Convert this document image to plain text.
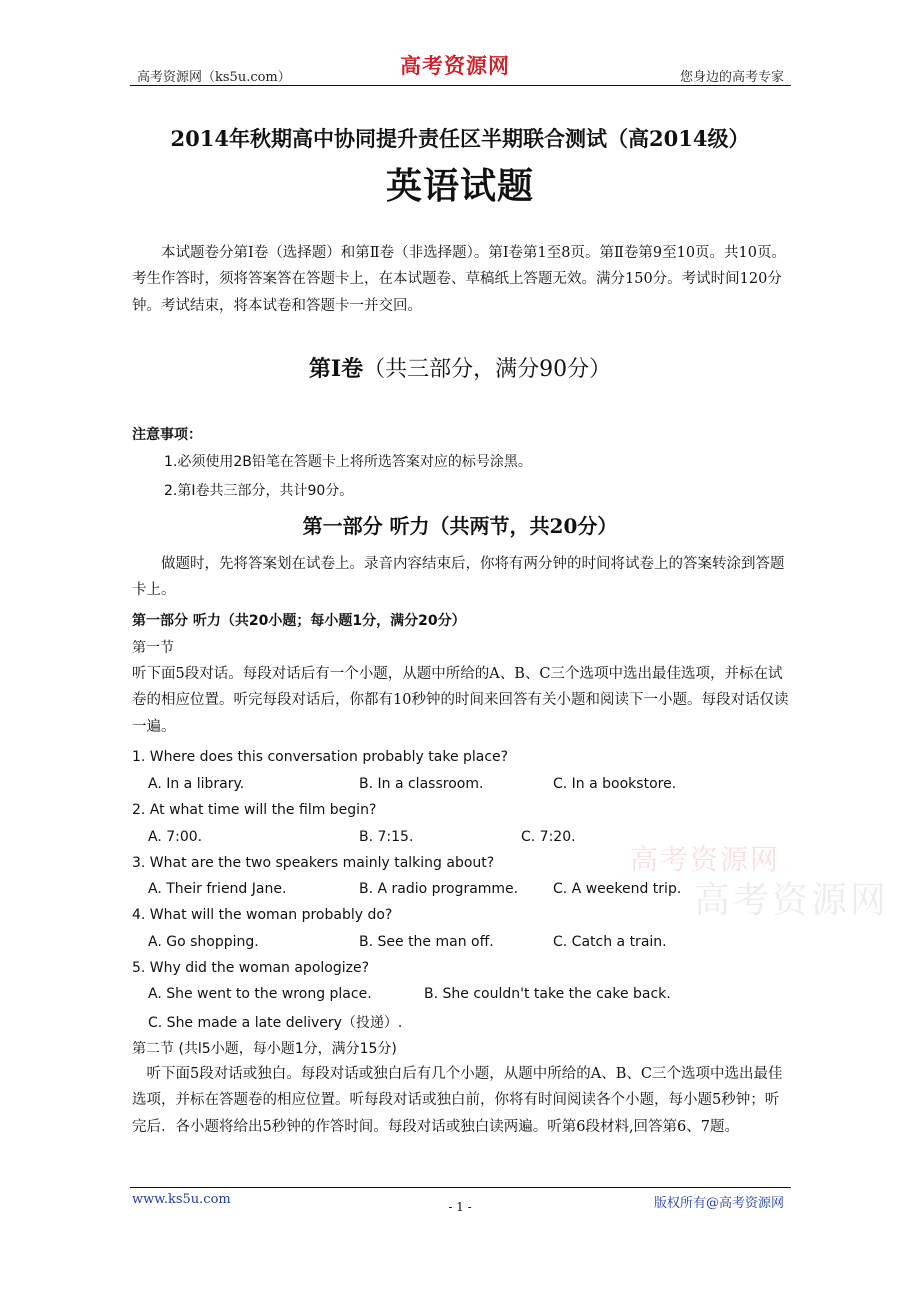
高考资源网（ks5u.com）	高考资源网	您身边的高考专家
2014年秋期高中协同提升责任区半期联合测试（高2014级）
英语试题
本试题卷分第Ⅰ卷（选择题）和第Ⅱ卷（非选择题）。第Ⅰ卷第1至8页。第Ⅱ卷第9至10页。共10页。考生作答时，须将答案答在答题卡上，在本试题卷、草稿纸上答题无效。满分150分。考试时间120分钟。考试结束，将本试卷和答题卡一并交回。
第Ⅰ卷（共三部分，满分90分）
注意事项：
1.必须使用2B铅笔在答题卡上将所选答案对应的标号涂黑。
2.第I卷共三部分，共计90分。
第一部分 听力（共两节，共20分）
做题时，先将答案划在试卷上。录音内容结束后，你将有两分钟的时间将试卷上的答案转涂到答题卡上。
第一部分 听力（共20小题；每小题1分，满分20分）
第一节
听下面5段对话。每段对话后有一个小题，从题中所给的A、B、C三个选项中选出最佳选项，并标在试卷的相应位置。听完每段对话后，你都有10秒钟的时间来回答有关小题和阅读下一小题。每段对话仅读一遍。
1. Where does this conversation probably take place?
A. In a library.	B. In a classroom.	C. In a bookstore.
2. At what time will the film begin?
A. 7:00.	B. 7:15.	C. 7:20.
3. What are the two speakers mainly talking about?
A. Their friend Jane.	B. A radio programme. C. A weekend trip.
4. What will the woman probably do?
A. Go shopping.	B. See the man off.	C. Catch a train.
5. Why did the woman apologize?
A. She went to the wrong place.	B. She couldn't take the cake back.
C. She made a late delivery（投递）.
第二节 (共l5小题，每小题1分，满分15分)
听下面5段对话或独白。每段对话或独白后有几个小题，从题中所给的A、B、C三个选项中选出最佳选项，并标在答题卷的相应位置。听每段对话或独白前，你将有时间阅读各个小题，每小题5秒钟；听完后．各小题将给出5秒钟的作答时间。每段对话或独白读两遍。听第6段材料,回答第6、7题。
高考资源网
高考资源网
www.ks5u.com	- 1 -	版权所有@高考资源网
